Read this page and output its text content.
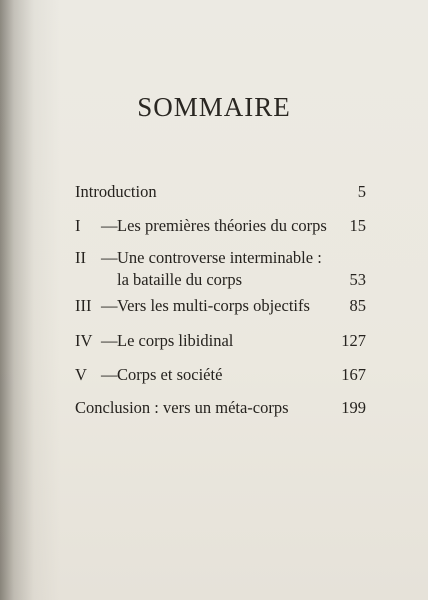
SOMMAIRE
Introduction	5
I	— Les premières théories du corps	15
II — Une controverse interminable :
la bataille du corps	53
III — Vers les multi-corps objectifs	85
IV — Le corps libidinal	127
V — Corps et société	167
Conclusion : vers un méta-corps	199
